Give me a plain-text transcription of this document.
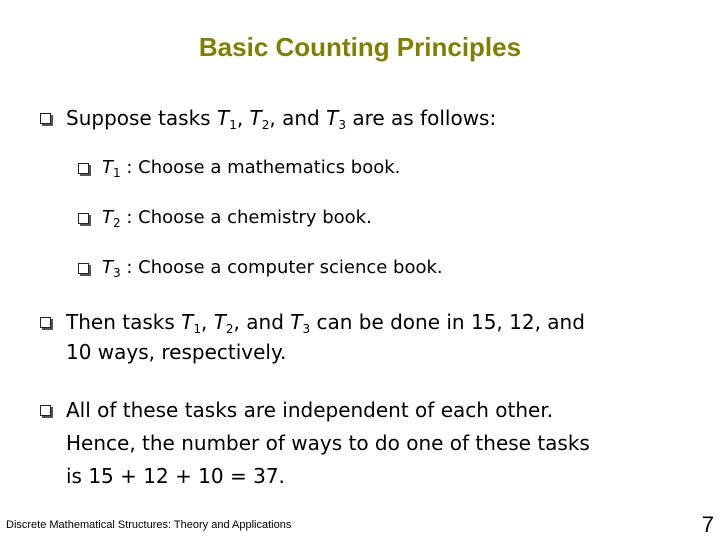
Basic Counting Principles
Suppose tasks $T_1$, $T_2$, and $T_3$ are as follows:
$T_1$ : Choose a mathematics book.
$T_2$ : Choose a chemistry book.
$T_3$ : Choose a computer science book.
Then tasks $T_1$, $T_2$, and $T_3$ can be done in 15, 12, and
10 ways, respectively.
All of these tasks are independent of each other.
Hence, the number of ways to do one of these tasks
is 15 + 12 + 10 = 37.
Discrete Mathematical Structures: Theory and Applications	7
